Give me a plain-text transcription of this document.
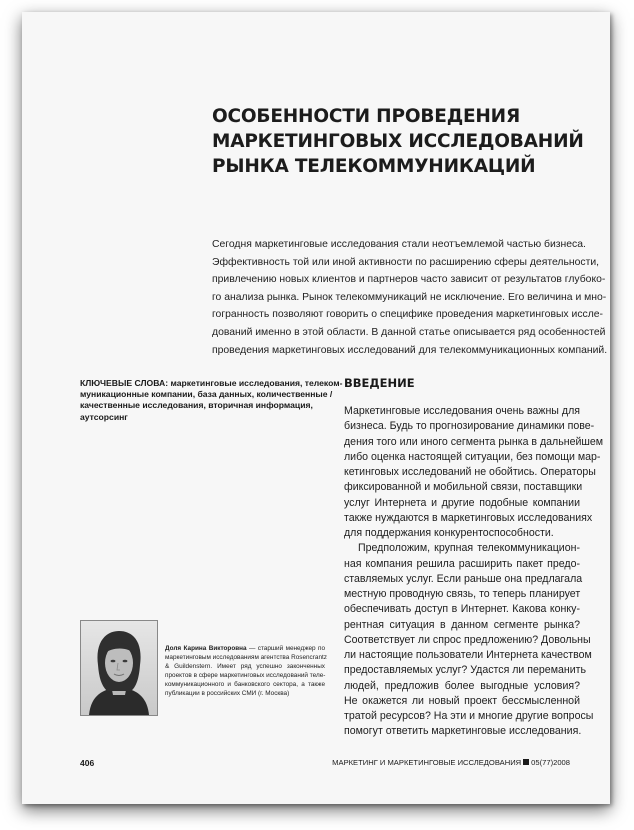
ОСОБЕННОСТИ ПРОВЕДЕНИЯ
МАРКЕТИНГОВЫХ ИССЛЕДОВАНИЙ
РЫНКА ТЕЛЕКОММУНИКАЦИЙ

Сегодня маркетинговые исследования стали неотъемлемой частью бизнеса.
Эффективность той или иной активности по расширению сферы деятельности,
привлечению новых клиентов и партнеров часто зависит от результатов глубоко-
го анализа рынка. Рынок телекоммуникаций не исключение. Его величина и мно-
гогранность позволяют говорить о специфике проведения маркетинговых иссле-
дований именно в этой области. В данной статье описывается ряд особенностей
проведения маркетинговых исследований для телекоммуникационных компаний.

КЛЮЧЕВЫЕ СЛОВА: маркетинговые исследования, телеком-
муникационные компании, база данных, количественные /
качественные исследования, вторичная информация,
аутсорсинг
ВВЕДЕНИЕ
Маркетинговые исследования очень важны для
бизнеса. Будь то прогнозирование динамики пове-
дения того или иного сегмента рынка в дальнейшем
либо оценка настоящей ситуации, без помощи мар-
кетинговых исследований не обойтись. Операторы
фиксированной и мобильной связи, поставщики
услуг Интернета и другие подобные компании
также нуждаются в маркетинговых исследованиях
для поддержания конкурентоспособности.
Предположим, крупная телекоммуникацион-
ная компания решила расширить пакет предо-
ставляемых услуг. Если раньше она предлагала
местную проводную связь, то теперь планирует
обеспечивать доступ в Интернет. Какова конку-
рентная ситуация в данном сегменте рынка?
Соответствует ли спрос предложению? Довольны
ли настоящие пользователи Интернета качеством
предоставляемых услуг? Удастся ли переманить
людей, предложив более выгодные условия?
Не окажется ли новый проект бессмысленной
тратой ресурсов? На эти и многие другие вопросы
помогут ответить маркетинговые исследования.
Доля Карина Викторовна — старший менеджер по
маркетинговым исследованиям агентства Rosencrantz
& Guildenstern. Имеет ряд успешно законченных
проектов в сфере маркетинговых исследований теле-
коммуникационного и банковского сектора, а также
публикации в российских СМИ (г. Москва)
406	МАРКЕТИНГ И МАРКЕТИНГОВЫЕ ИССЛЕДОВАНИЯ 05(77)2008
